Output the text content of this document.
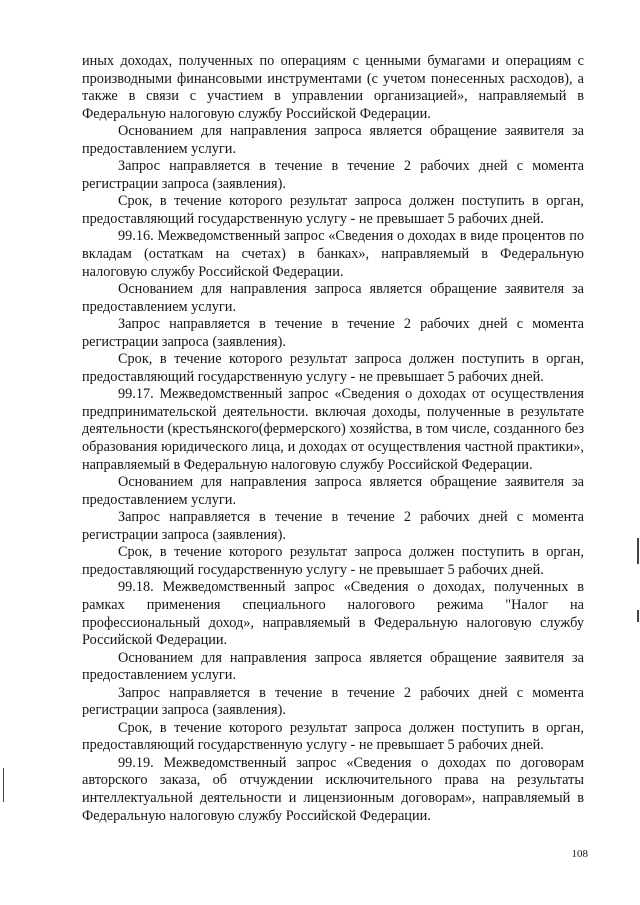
иных доходах, полученных по операциям с ценными бумагами и операциям с производными финансовыми инструментами (с учетом понесенных расходов), а также в связи с участием в управлении организацией», направляемый в Федеральную налоговую службу Российской Федерации.

Основанием для направления запроса является обращение заявителя за предоставлением услуги.

Запрос направляется в течение в течение 2 рабочих дней с момента регистрации запроса (заявления).

Срок, в течение которого результат запроса должен поступить в орган, предоставляющий государственную услугу - не превышает 5 рабочих дней.

99.16. Межведомственный запрос «Сведения о доходах в виде процентов по вкладам (остаткам на счетах) в банках», направляемый в Федеральную налоговую службу Российской Федерации.

Основанием для направления запроса является обращение заявителя за предоставлением услуги.

Запрос направляется в течение в течение 2 рабочих дней с момента регистрации запроса (заявления).

Срок, в течение которого результат запроса должен поступить в орган, предоставляющий государственную услугу - не превышает 5 рабочих дней.

99.17. Межведомственный запрос «Сведения о доходах от осуществления предпринимательской деятельности. включая доходы, полученные в результате деятельности (крестьянского(фермерского) хозяйства, в том числе, созданного без образования юридического лица, и доходах от осуществления частной практики», направляемый в Федеральную налоговую службу Российской Федерации.

Основанием для направления запроса является обращение заявителя за предоставлением услуги.

Запрос направляется в течение в течение 2 рабочих дней с момента регистрации запроса (заявления).

Срок, в течение которого результат запроса должен поступить в орган, предоставляющий государственную услугу - не превышает 5 рабочих дней.

99.18. Межведомственный запрос «Сведения о доходах, полученных в рамках применения специального налогового режима "Налог на профессиональный доход», направляемый в Федеральную налоговую службу Российской Федерации.

Основанием для направления запроса является обращение заявителя за предоставлением услуги.

Запрос направляется в течение в течение 2 рабочих дней с момента регистрации запроса (заявления).

Срок, в течение которого результат запроса должен поступить в орган, предоставляющий государственную услугу - не превышает 5 рабочих дней.

99.19. Межведомственный запрос «Сведения о доходах по договорам авторского заказа, об отчуждении исключительного права на результаты интеллектуальной деятельности и лицензионным договорам», направляемый в Федеральную налоговую службу Российской Федерации.

108
